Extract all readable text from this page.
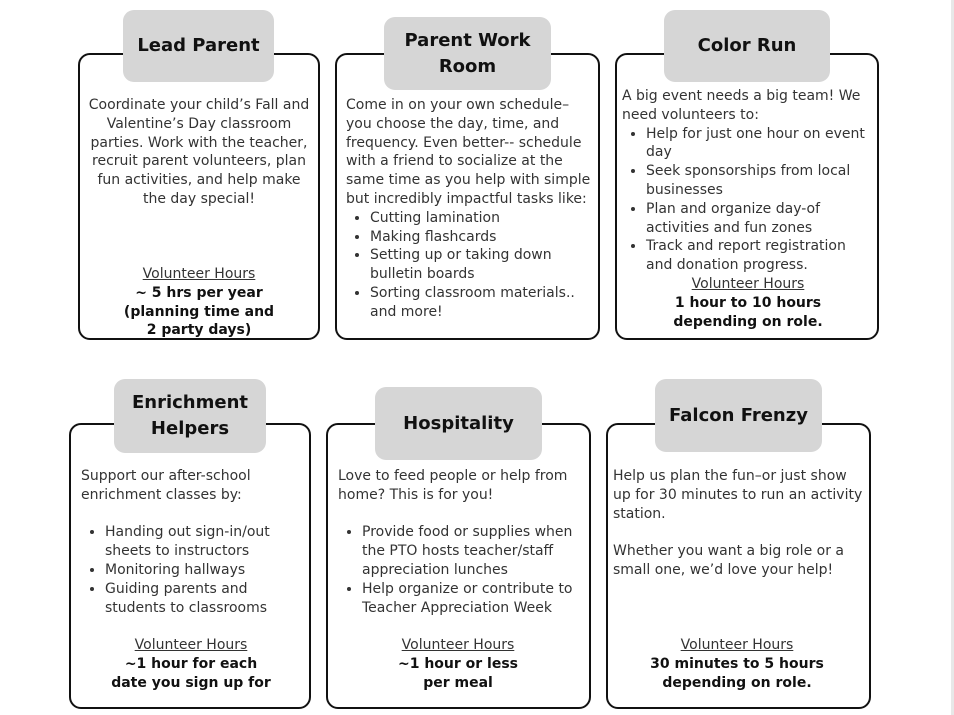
Lead Parent

Coordinate your child’s Fall and Valentine’s Day classroom parties. Work with the teacher, recruit parent volunteers, plan fun activities, and help make the day special!

Volunteer Hours
~ 5 hrs per year
(planning time and
2 party days)
Parent Work
Room

Come in on your own schedule– you choose the day, time, and frequency. Even better-- schedule with a friend to socialize at the same time as you help with simple but incredibly impactful tasks like:

• Cutting lamination
• Making flashcards
• Setting up or taking down bulletin boards
• Sorting classroom materials.. and more!
Color Run

A big event needs a big team! We need volunteers to:

• Help for just one hour on event day
• Seek sponsorships from local businesses
• Plan and organize day-of activities and fun zones
• Track and report registration and donation progress.
Volunteer Hours
1 hour to 10 hours
depending on role.
Enrichment
Helpers

Support our after-school enrichment classes by:

• Handing out sign-in/out sheets to instructors
• Monitoring hallways
• Guiding parents and students to classrooms
Volunteer Hours
~1 hour for each
date you sign up for
Hospitality

Love to feed people or help from home? This is for you!

• Provide food or supplies when the PTO hosts teacher/staff appreciation lunches
• Help organize or contribute to Teacher Appreciation Week
Volunteer Hours
~1 hour or less
per meal
Falcon Frenzy

Help us plan the fun–or just show up for 30 minutes to run an activity station.

Whether you want a big role or a small one, we’d love your help!

Volunteer Hours
30 minutes to 5 hours
depending on role.
